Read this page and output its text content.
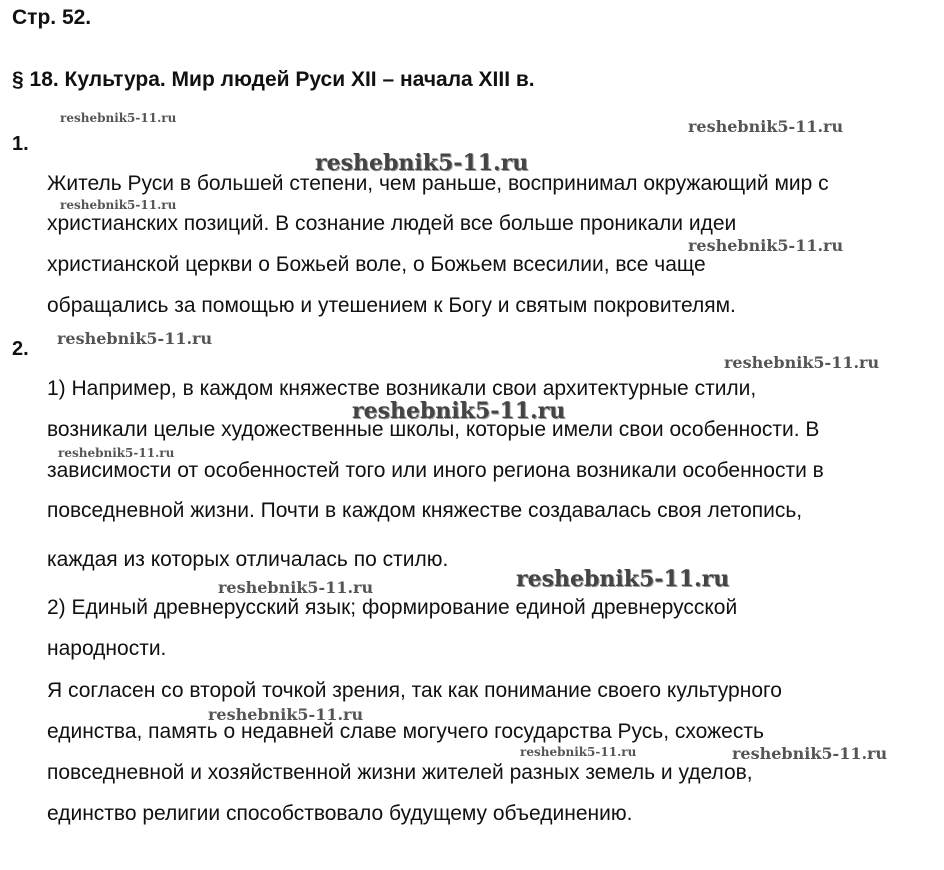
Стр. 52.
§ 18. Культура. Мир людей Руси XII – начала XIII в.
1.
Житель Руси в большей степени, чем раньше, воспринимал окружающий мир с
христианских позиций. В сознание людей все больше проникали идеи
христианской церкви о Божьей воле, о Божьем всесилии, все чаще
обращались за помощью и утешением к Богу и святым покровителям.
2.
1) Например, в каждом княжестве возникали свои архитектурные стили,
возникали целые художественные школы, которые имели свои особенности. В
зависимости от особенностей того или иного региона возникали особенности в
повседневной жизни. Почти в каждом княжестве создавалась своя летопись,
каждая из которых отличалась по стилю.
2) Единый древнерусский язык; формирование единой древнерусской
народности.
Я согласен со второй точкой зрения, так как понимание своего культурного
единства, память о недавней славе могучего государства Русь, схожесть
повседневной и хозяйственной жизни жителей разных земель и уделов,
единство религии способствовало будущему объединению.
reshebnik5-11.ru	reshebnik5-11.ru
reshebnik5-11.ru
reshebnik5-11.ru
reshebnik5-11.ru
reshebnik5-11.ru
reshebnik5-11.ru
reshebnik5-11.ru
reshebnik5-11.ru
reshebnik5-11.ru
reshebnik5-11.ru
reshebnik5-11.ru
reshebnik5-11.ru	reshebnik5-11.ru
